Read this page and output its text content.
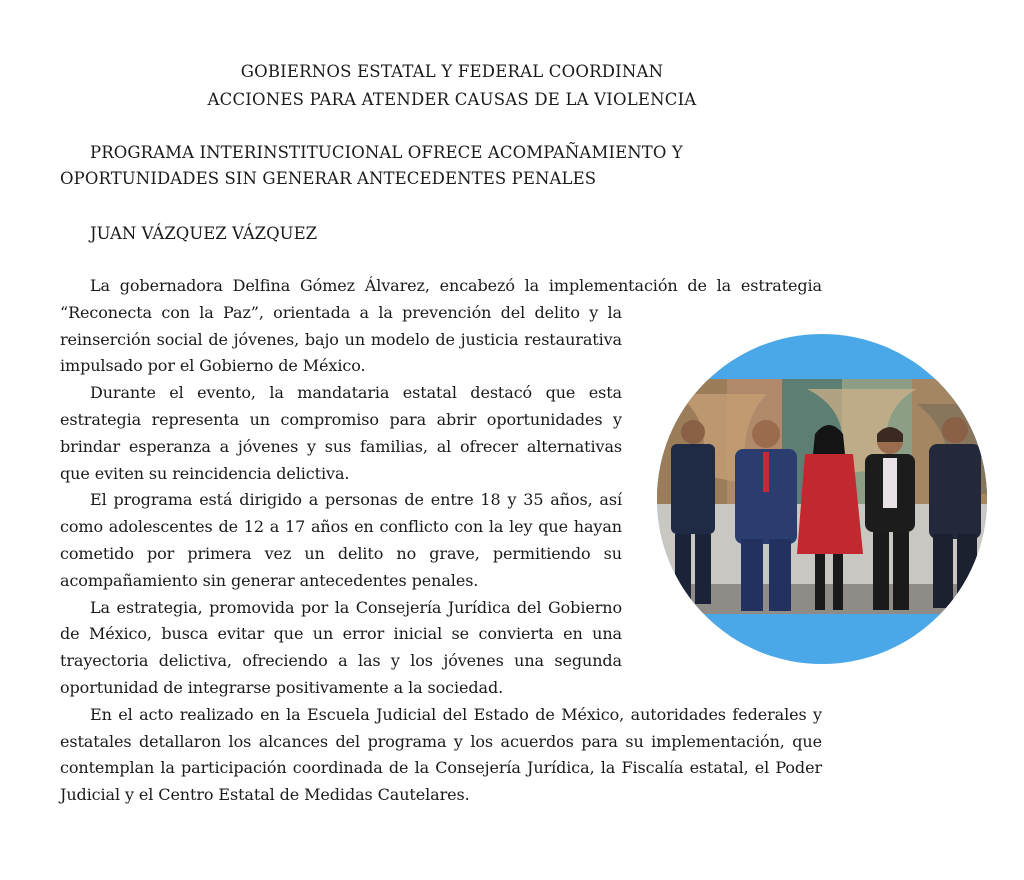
GOBIERNOS ESTATAL Y FEDERAL COORDINAN
ACCIONES PARA ATENDER CAUSAS DE LA VIOLENCIA
PROGRAMA INTERINSTITUCIONAL OFRECE ACOMPAÑAMIENTO Y OPORTUNIDADES SIN GENERAR ANTECEDENTES PENALES
JUAN VÁZQUEZ VÁZQUEZ

La gobernadora Delfina Gómez Álvarez, encabezó la implementación de la estrategia “Reconecta con la Paz”, orientada a la prevención del delito y la reinserción social de jóvenes, bajo un modelo de justicia restaurativa impulsado por el Gobierno de México.

Durante el evento, la mandataria estatal destacó que esta estrategia representa un compromiso para abrir oportunidades y brindar esperanza a jóvenes y sus familias, al ofrecer alternativas que eviten su reincidencia delictiva.

El programa está dirigido a personas de entre 18 y 35 años, así como adolescentes de 12 a 17 años en conflicto con la ley que hayan cometido por primera vez un delito no grave, permitiendo su acompañamiento sin generar antecedentes penales.

La estrategia, promovida por la Consejería Jurídica del Gobierno de México, busca evitar que un error inicial se convierta en una trayectoria delictiva, ofreciendo a las y los jóvenes una segunda oportunidad de integrarse positivamente a la sociedad.

En el acto realizado en la Escuela Judicial del Estado de México, autoridades federales y estatales detallaron los alcances del programa y los acuerdos para su implementación, que contemplan la participación coordinada de la Consejería Jurídica, la Fiscalía estatal, el Poder Judicial y el Centro Estatal de Medidas Cautelares.
